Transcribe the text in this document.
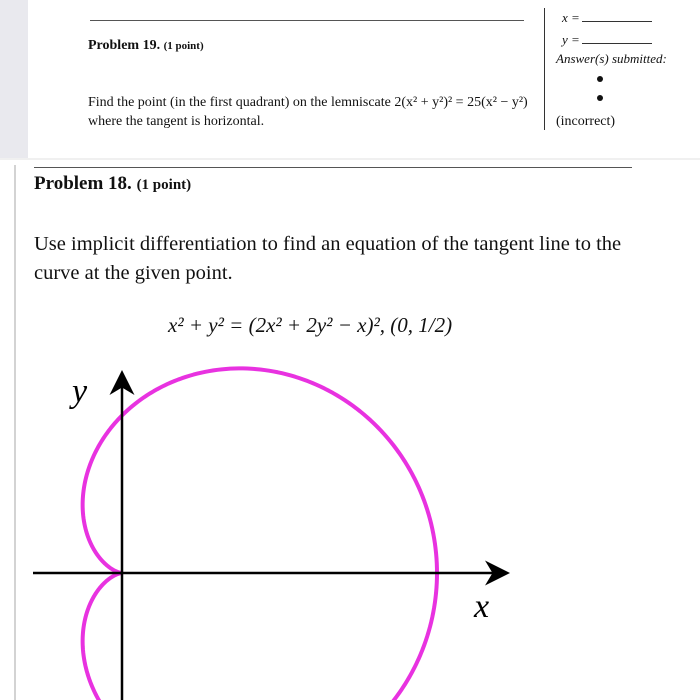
Problem 19. (1 point)
Find the point (in the first quadrant) on the lemniscate 2(x² + y²)² = 25(x² − y²) where the tangent is horizontal.
x =
y =
Answer(s) submitted:
(incorrect)
Problem 18. (1 point)
Use implicit differentiation to find an equation of the tangent line to the curve at the given point.
x² + y² = (2x² + 2y² − x)², (0, 1/2)
x
y
